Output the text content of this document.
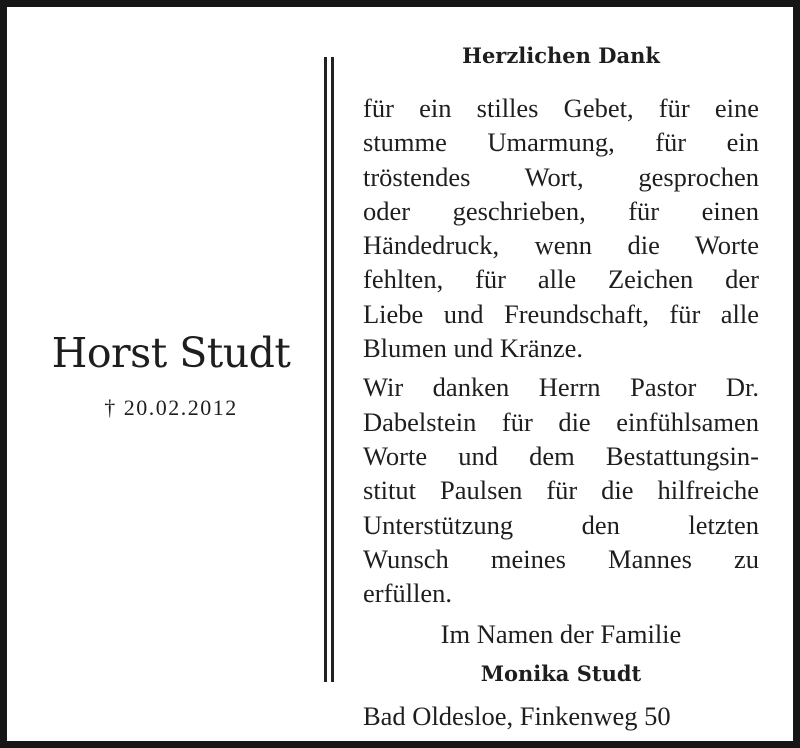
Horst Studt
† 20.02.2012
Herzlichen Dank
für ein stilles Gebet, für eine
stumme Umarmung, für ein
tröstendes Wort, gesprochen
oder geschrieben, für einen
Händedruck, wenn die Worte
fehlten, für alle Zeichen der
Liebe und Freundschaft, für alle
Blumen und Kränze.
Wir danken Herrn Pastor Dr.
Dabelstein für die einfühlsamen
Worte und dem Bestattungsin-
stitut Paulsen für die hilfreiche
Unterstützung den letzten
Wunsch meines Mannes zu
erfüllen.
Im Namen der Familie
Monika Studt
Bad Oldesloe, Finkenweg 50
